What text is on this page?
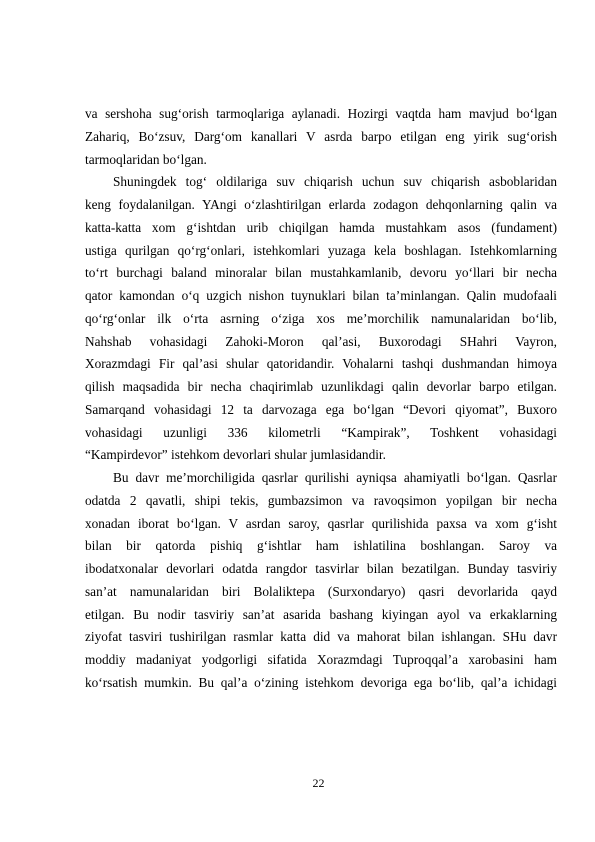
va sershoha sug‘orish tarmoqlariga aylanadi. Hozirgi vaqtda ham mavjud bo‘lgan
Zahariq, Bo‘zsuv, Darg‘om kanallari V asrda barpo etilgan eng yirik sug‘orish
tarmoqlaridan bo‘lgan.
Shuningdek tog‘ oldilariga suv chiqarish uchun suv chiqarish asboblaridan
keng foydalanilgan. YAngi o‘zlashtirilgan erlarda zodagon dehqonlarning qalin va
katta-katta xom g‘ishtdan urib chiqilgan hamda mustahkam asos (fundament)
ustiga qurilgan qo‘rg‘onlari, istehkomlari yuzaga kela boshlagan. Istehkomlarning
to‘rt burchagi baland minoralar bilan mustahkamlanib, devoru yo‘llari bir necha
qator kamondan o‘q uzgich nishon tuynuklari bilan ta’minlangan. Qalin mudofaali
qo‘rg‘onlar ilk o‘rta asrning o‘ziga xos me’morchilik namunalaridan bo‘lib,
Nahshab vohasidagi Zahoki-Moron qal’asi, Buxorodagi SHahri Vayron,
Xorazmdagi Fir qal’asi shular qatoridandir. Vohalarni tashqi dushmandan himoya
qilish maqsadida bir necha chaqirimlab uzunlikdagi qalin devorlar barpo etilgan.
Samarqand vohasidagi 12 ta darvozaga ega bo‘lgan “Devori qiyomat”, Buxoro
vohasidagi uzunligi 336 kilometrli “Kampirak”, Toshkent vohasidagi
“Kampirdevor” istehkom devorlari shular jumlasidandir.
Bu davr me’morchiligida qasrlar qurilishi ayniqsa ahamiyatli bo‘lgan. Qasrlar
odatda 2 qavatli, shipi tekis, gumbazsimon va ravoqsimon yopilgan bir necha
xonadan iborat bo‘lgan. V asrdan saroy, qasrlar qurilishida paxsa va xom g‘isht
bilan bir qatorda pishiq g‘ishtlar ham ishlatilina boshlangan. Saroy va
ibodatxonalar devorlari odatda rangdor tasvirlar bilan bezatilgan. Bunday tasviriy
san’at namunalaridan biri Bolaliktepa (Surxondaryo) qasri devorlarida qayd
etilgan. Bu nodir tasviriy san’at asarida bashang kiyingan ayol va erkaklarning
ziyofat tasviri tushirilgan rasmlar katta did va mahorat bilan ishlangan. SHu davr
moddiy madaniyat yodgorligi sifatida Xorazmdagi Tuproqqal’a xarobasini ham
ko‘rsatish mumkin. Bu qal’a o‘zining istehkom devoriga ega bo‘lib, qal’a ichidagi
22
